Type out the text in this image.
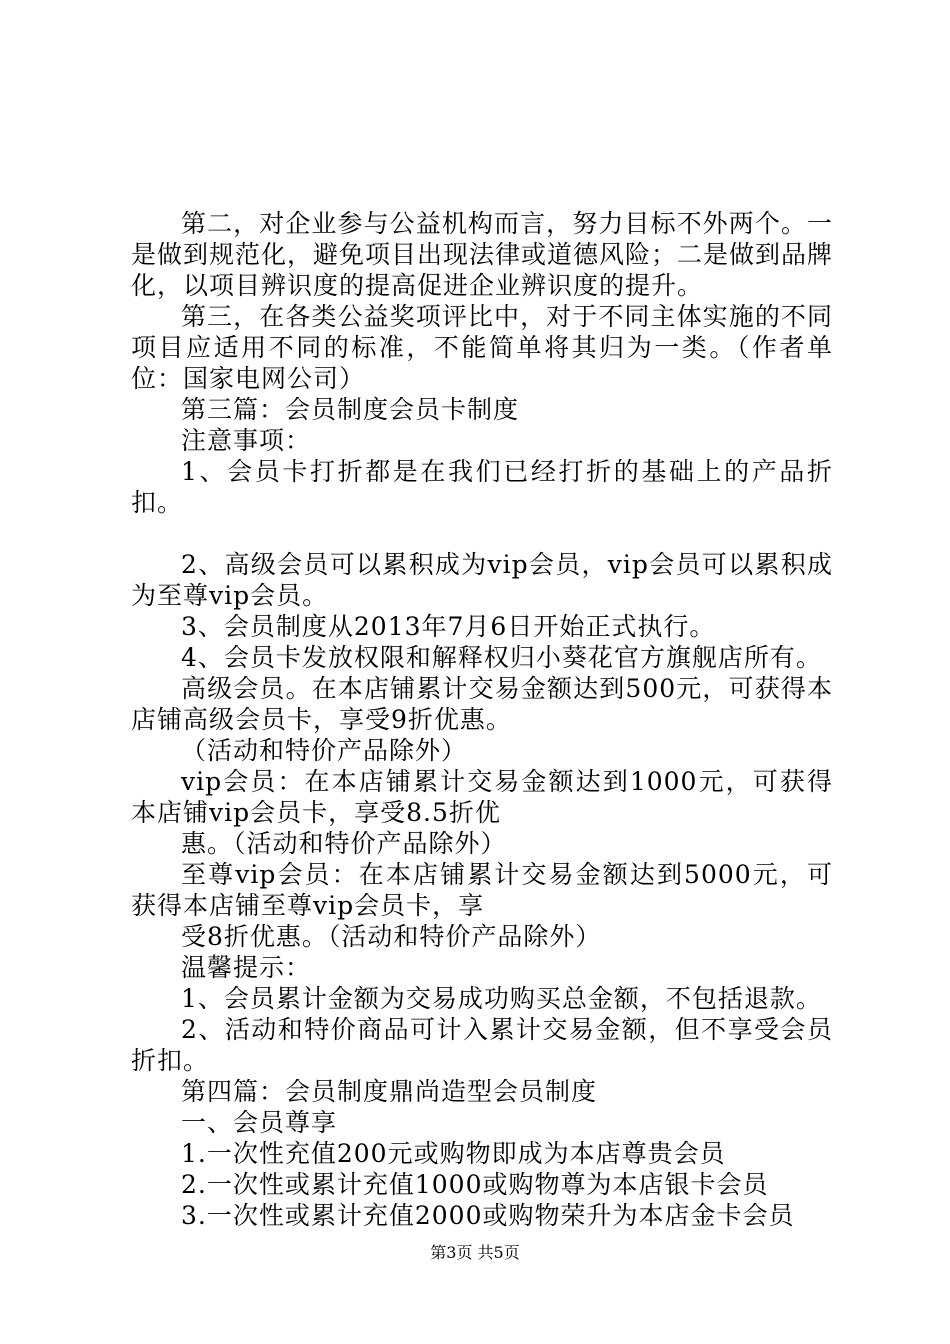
第二，对企业参与公益机构而言，努力目标不外两个。一是做到规范化，避免项目出现法律或道德风险；二是做到品牌化，以项目辨识度的提高促进企业辨识度的提升。

第三，在各类公益奖项评比中，对于不同主体实施的不同项目应适用不同的标准，不能简单将其归为一类。（作者单位：国家电网公司）

第三篇：会员制度会员卡制度

注意事项：

1、会员卡打折都是在我们已经打折的基础上的产品折扣。

2、高级会员可以累积成为vip会员，vip会员可以累积成为至尊vip会员。

3、会员制度从2013年7月6日开始正式执行。

4、会员卡发放权限和解释权归小葵花官方旗舰店所有。

高级会员。在本店铺累计交易金额达到500元，可获得本店铺高级会员卡，享受9折优惠。

（活动和特价产品除外）

vip会员：在本店铺累计交易金额达到1000元，可获得本店铺vip会员卡，享受8.5折优

惠。（活动和特价产品除外）

至尊vip会员：在本店铺累计交易金额达到5000元，可获得本店铺至尊vip会员卡，享

受8折优惠。（活动和特价产品除外）

温馨提示：

1、会员累计金额为交易成功购买总金额，不包括退款。

2、活动和特价商品可计入累计交易金额，但不享受会员折扣。

第四篇：会员制度鼎尚造型会员制度

一、会员尊享

1.一次性充值200元或购物即成为本店尊贵会员

2.一次性或累计充值1000或购物尊为本店银卡会员

3.一次性或累计充值2000或购物荣升为本店金卡会员

第3页 共5页
